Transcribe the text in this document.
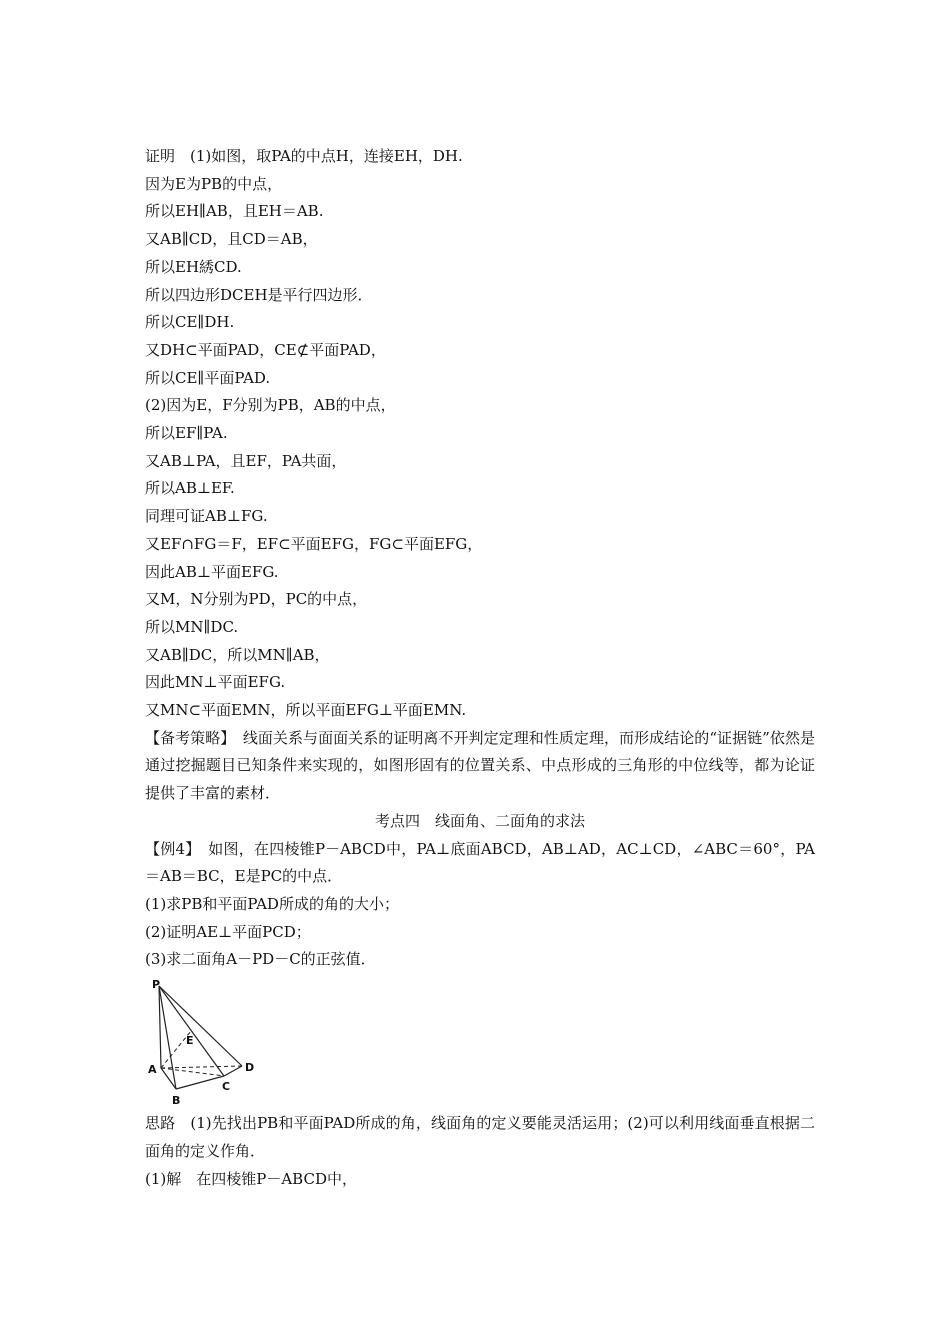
证明　(1)如图，取PA的中点H，连接EH，DH.
因为E为PB的中点，
所以EH∥AB，且EH＝AB.
又AB∥CD，且CD＝AB，
所以EH綉CD.
所以四边形DCEH是平行四边形．
所以CE∥DH.
又DH⊂平面PAD，CE⊄平面PAD，
所以CE∥平面PAD.
(2)因为E，F分别为PB，AB的中点，
所以EF∥PA.
又AB⊥PA，且EF，PA共面，
所以AB⊥EF.
同理可证AB⊥FG.
又EF∩FG＝F，EF⊂平面EFG，FG⊂平面EFG，
因此AB⊥平面EFG.
又M，N分别为PD，PC的中点，
所以MN∥DC.
又AB∥DC，所以MN∥AB，
因此MN⊥平面EFG.
又MN⊂平面EMN，所以平面EFG⊥平面EMN.
【备考策略】　线面关系与面面关系的证明离不开判定定理和性质定理，而形成结论的“证据链”依然是通过挖掘题目已知条件来实现的，如图形固有的位置关系、中点形成的三角形的中位线等，都为论证提供了丰富的素材．
考点四　线面角、二面角的求法
【例4】　如图，在四棱锥P－ABCD中，PA⊥底面ABCD，AB⊥AD，AC⊥CD，∠ABC＝60°，PA＝AB＝BC，E是PC的中点．
(1)求PB和平面PAD所成的角的大小；
(2)证明AE⊥平面PCD；
(3)求二面角A－PD－C的正弦值．
P
A
B
C
D
E
思路　(1)先找出PB和平面PAD所成的角，线面角的定义要能灵活运用；(2)可以利用线面垂直根据二面角的定义作角．
(1)解　在四棱锥P－ABCD中，
